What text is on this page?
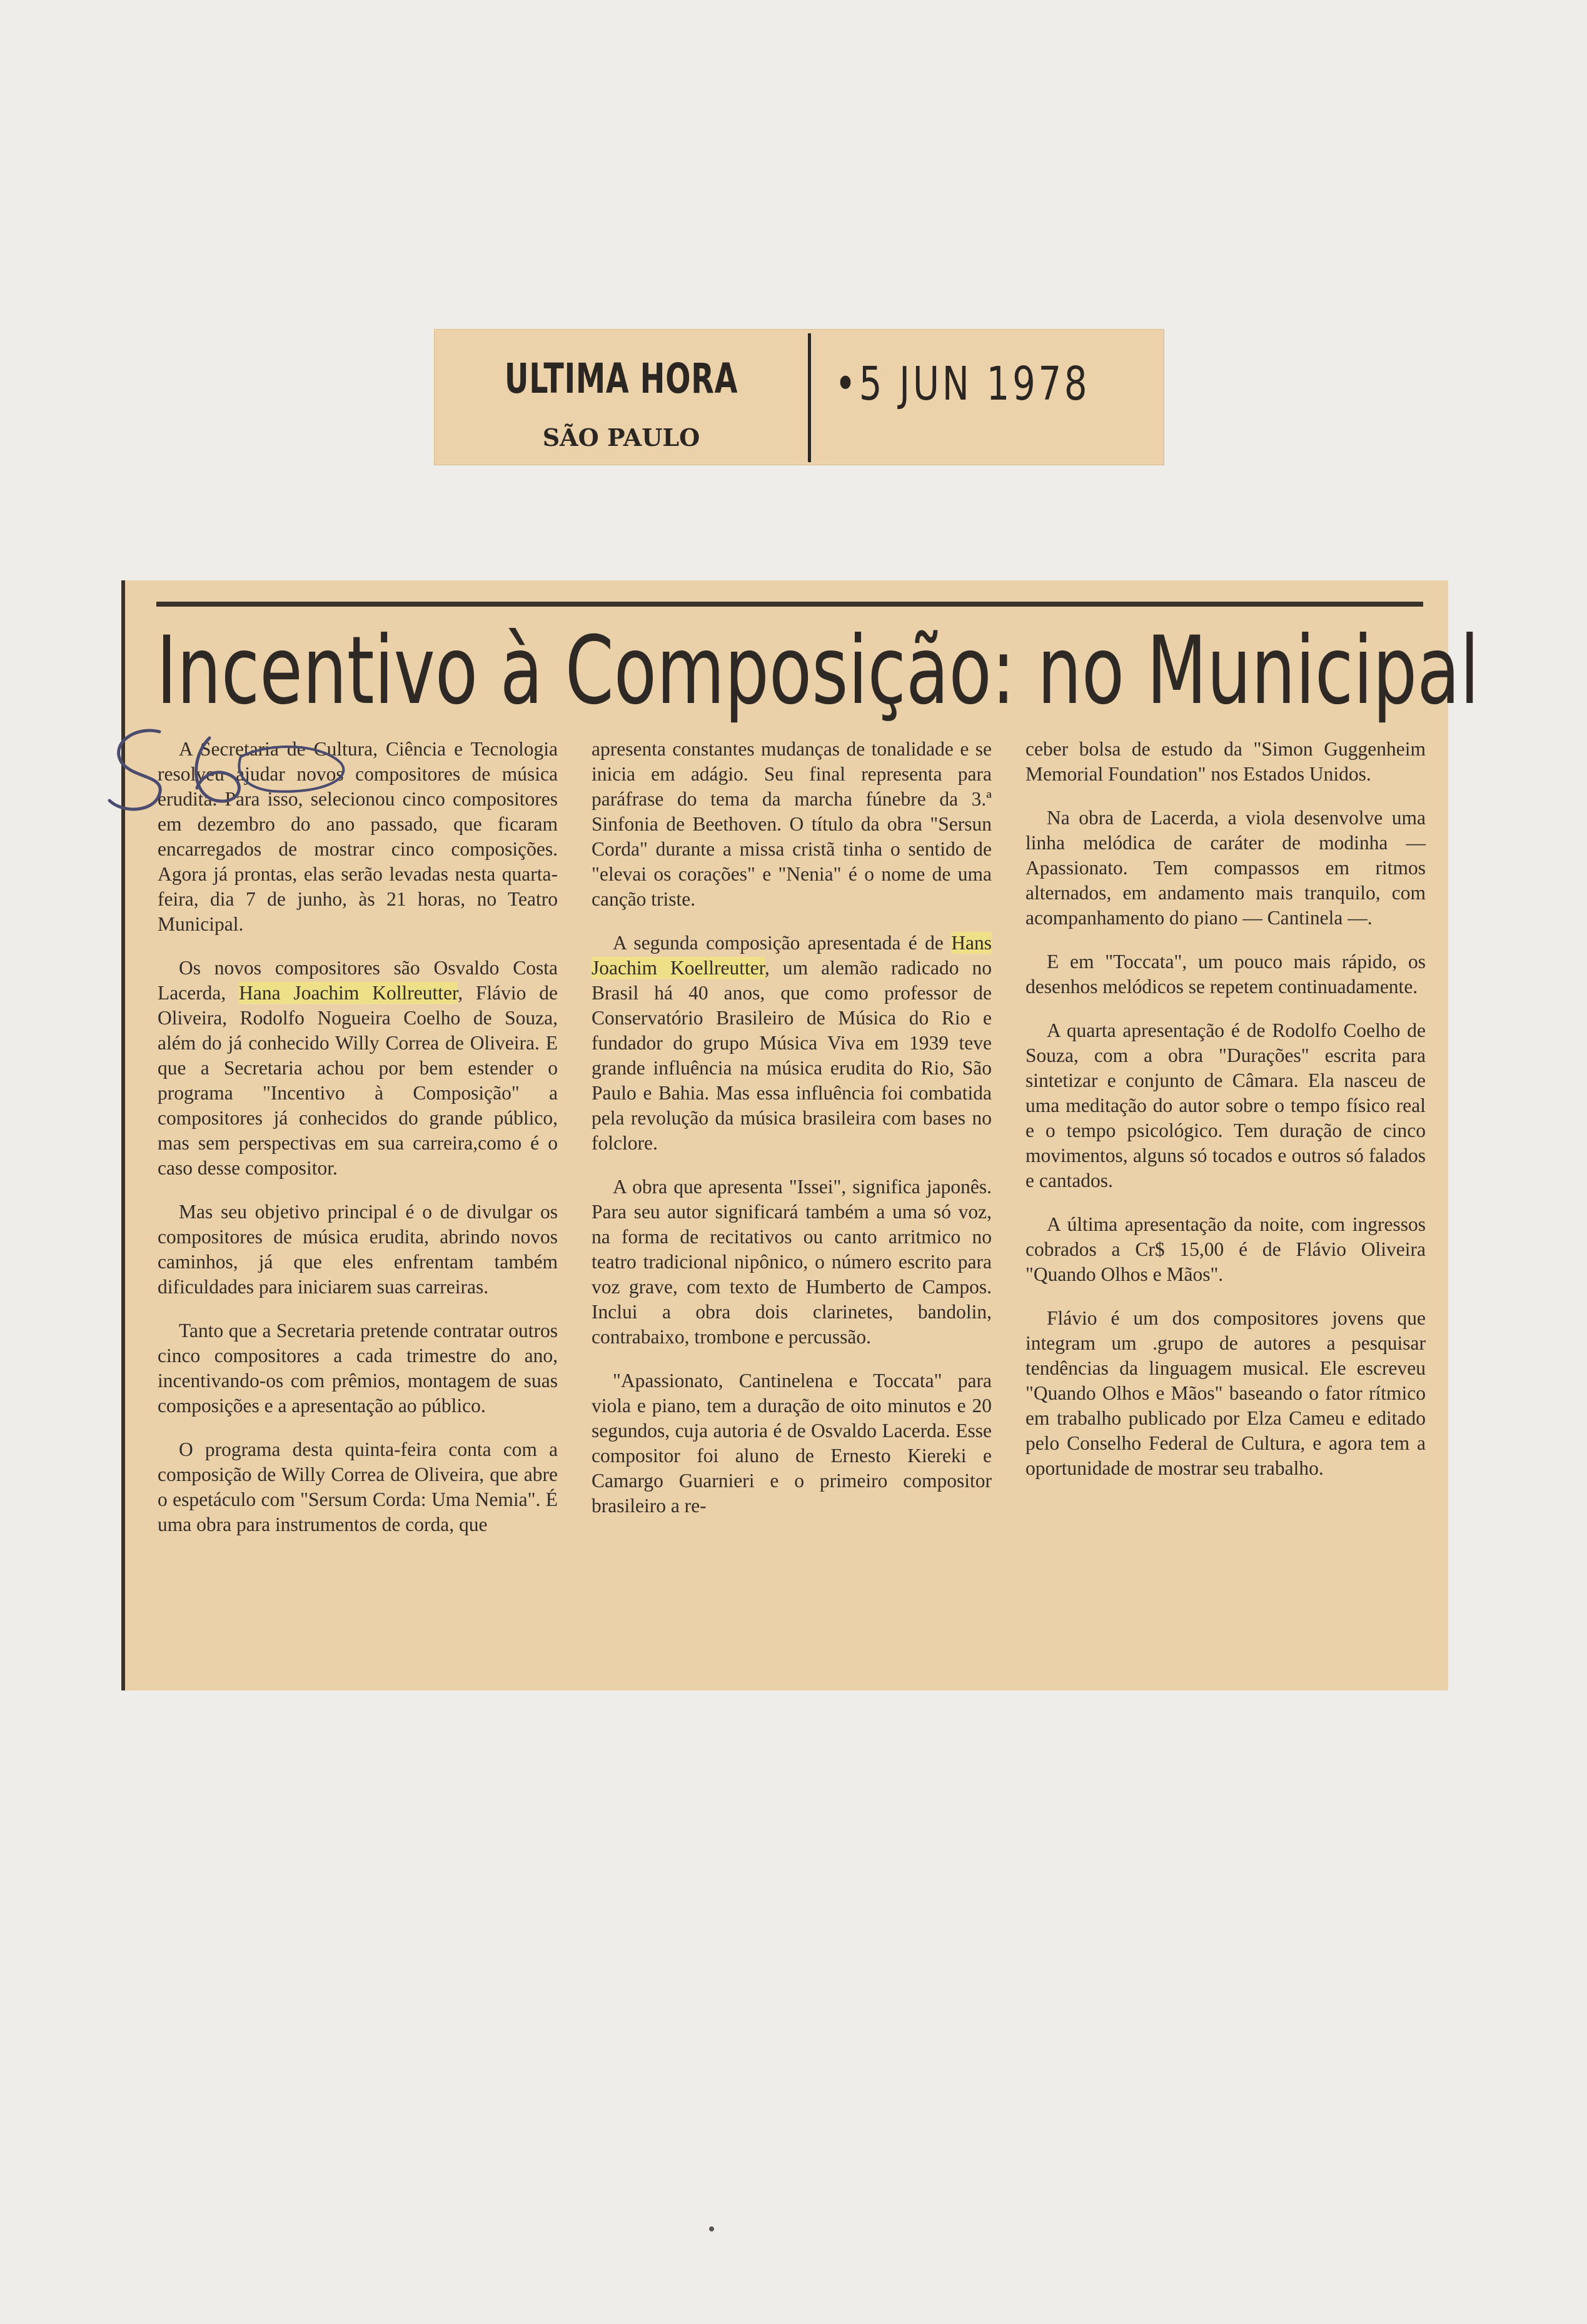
ULTIMA HORA
SÃO PAULO
•5 JUN 1978
Incentivo à Composição: no Municipal

A Secretaria de Cultura, Ciência e Tecnologia resolveu ajudar novos compositores de música erudita. Para isso, selecionou cinco compositores em dezembro do ano passado, que ficaram encarregados de mostrar cinco composições. Agora já prontas, elas serão levadas nesta quarta-feira, dia 7 de junho, às 21 horas, no Teatro Municipal.

Os novos compositores são Osvaldo Costa Lacerda, Hana Joachim Kollreutter, Flávio de Oliveira, Rodolfo Nogueira Coelho de Souza, além do já conhecido Willy Correa de Oliveira. E que a Secretaria achou por bem estender o programa "Incentivo à Composição" a compositores já conhecidos do grande público, mas sem perspectivas em sua carreira,como é o caso desse compositor.

Mas seu objetivo principal é o de divulgar os compositores de música erudita, abrindo novos caminhos, já que eles enfrentam também dificuldades para iniciarem suas carreiras.

Tanto que a Secretaria pretende contratar outros cinco compositores a cada trimestre do ano, incentivando-os com prêmios, montagem de suas composições e a apresentação ao público.

O programa desta quinta-feira conta com a composição de Willy Correa de Oliveira, que abre o espetáculo com "Sersum Corda: Uma Nemia". É uma obra para instrumentos de corda, que

apresenta constantes mudanças de tonalidade e se inicia em adágio. Seu final representa para paráfrase do tema da marcha fúnebre da 3.ª Sinfonia de Beethoven. O título da obra "Sersun Corda" durante a missa cristã tinha o sentido de "elevai os corações" e "Nenia" é o nome de uma canção triste.

A segunda composição apresentada é de Hans Joachim Koellreutter, um alemão radicado no Brasil há 40 anos, que como professor de Conservatório Brasileiro de Música do Rio e fundador do grupo Música Viva em 1939 teve grande influência na música erudita do Rio, São Paulo e Bahia. Mas essa influência foi combatida pela revolução da música brasileira com bases no folclore.

A obra que apresenta "Issei", significa japonês. Para seu autor significará também a uma só voz, na forma de recitativos ou canto arritmico no teatro tradicional nipônico, o número escrito para voz grave, com texto de Humberto de Campos. Inclui a obra dois clarinetes, bandolin, contrabaixo, trombone e percussão.

"Apassionato, Cantinelena e Toccata" para viola e piano, tem a duração de oito minutos e 20 segundos, cuja autoria é de Osvaldo Lacerda. Esse compositor foi aluno de Ernesto Kiereki e Camargo Guarnieri e o primeiro compositor brasileiro a re-

ceber bolsa de estudo da "Simon Guggenheim Memorial Foundation" nos Estados Unidos.

Na obra de Lacerda, a viola desenvolve uma linha melódica de caráter de modinha — Apassionato. Tem compassos em ritmos alternados, em andamento mais tranquilo, com acompanhamento do piano — Cantinela —.

E em "Toccata", um pouco mais rápido, os desenhos melódicos se repetem continuadamente.

A quarta apresentação é de Rodolfo Coelho de Souza, com a obra "Durações" escrita para sintetizar e conjunto de Câmara. Ela nasceu de uma meditação do autor sobre o tempo físico real e o tempo psicológico. Tem duração de cinco movimentos, alguns só tocados e outros só falados e cantados.

A última apresentação da noite, com ingressos cobrados a Cr$ 15,00 é de Flávio Oliveira "Quando Olhos e Mãos".

Flávio é um dos compositores jovens que integram um .grupo de autores a pesquisar tendências da linguagem musical. Ele escreveu "Quando Olhos e Mãos" baseando o fator rítmico em trabalho publicado por Elza Cameu e editado pelo Conselho Federal de Cultura, e agora tem a oportunidade de mostrar seu trabalho.
